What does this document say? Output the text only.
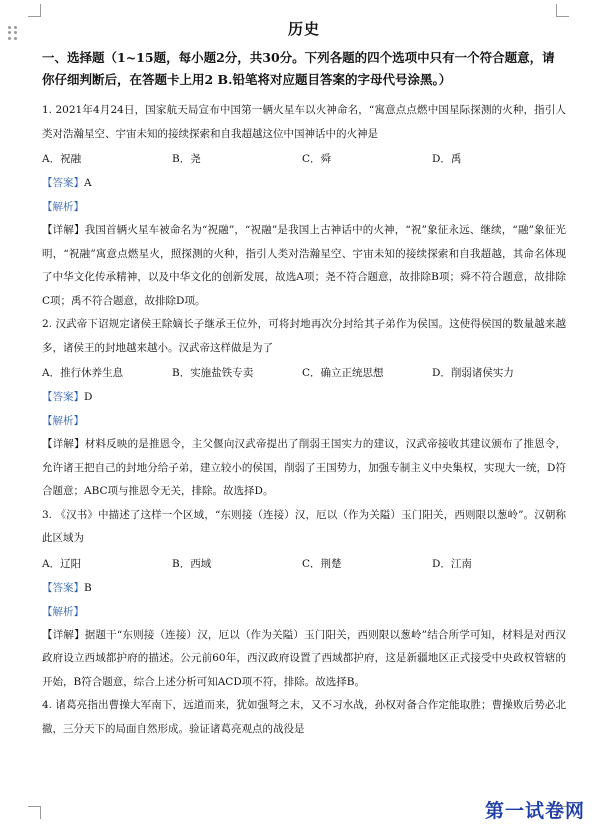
历史
一、选择题（1~15题，每小题2分，共30分。下列各题的四个选项中只有一个符合题意，请你仔细判断后，在答题卡上用2 B.铅笔将对应题目答案的字母代号涂黑。）
1. 2021年4月24日，国家航天局宣布中国第一辆火星车以火神命名，“寓意点点燃中国星际探测的火种，指引人类对浩瀚星空、宇宙未知的接续探索和自我超越这位中国神话中的火神是
A．祝融	B．尧	C．舜	D．禹
【答案】A
【解析】
【详解】我国首辆火星车被命名为“祝融”，“祝融”是我国上古神话中的火神，“祝”象征永远、继续，“融”象征光明，“祝融”寓意点燃星火，照探测的火种，指引人类对浩瀚星空、宇宙未知的接续探索和自我超越，其命名体现了中华文化传承精神，以及中华文化的创新发展，故选A项；尧不符合题意，故排除B项；舜不符合题意，故排除C项；禹不符合题意，故排除D项。
2. 汉武帝下诏规定诸侯王除嫡长子继承王位外，可将封地再次分封给其子弟作为侯国。这使得侯国的数量越来越多，诸侯王的封地越来越小。汉武帝这样做是为了
A．推行休养生息	B．实施盐铁专卖	C．确立正统思想	D．削弱诸侯实力
【答案】D
【解析】
【详解】材料反映的是推恩令，主父偃向汉武帝提出了削弱王国实力的建议，汉武帝接收其建议颁布了推恩令，允许诸王把自己的封地分给子弟，建立较小的侯国，削弱了王国势力，加强专制主义中央集权，实现大一统，D符合题意；ABC项与推恩令无关，排除。故选择D。
3. 《汉书》中描述了这样一个区域，“东则接（连接）汉，厄以（作为关隘）玉门阳关，西则限以葱岭”。汉朝称此区域为
A．辽阳	B．西域	C．荆楚	D．江南
【答案】B
【解析】
【详解】据题干“东则接（连接）汉，厄以（作为关隘）玉门阳关，西则限以葱岭”结合所学可知，材料是对西汉政府设立西域都护府的描述。公元前60年，西汉政府设置了西域都护府，这是新疆地区正式接受中央政权管辖的开始，B符合题意，综合上述分析可知ACD项不符，排除。故选择B。
4. 诸葛亮指出曹操大军南下，远道而来，犹如强弩之末，又不习水战，孙权对备合作定能取胜；曹操败后势必北撤，三分天下的局面自然形成。验证诸葛亮观点的战役是
第一试卷网
